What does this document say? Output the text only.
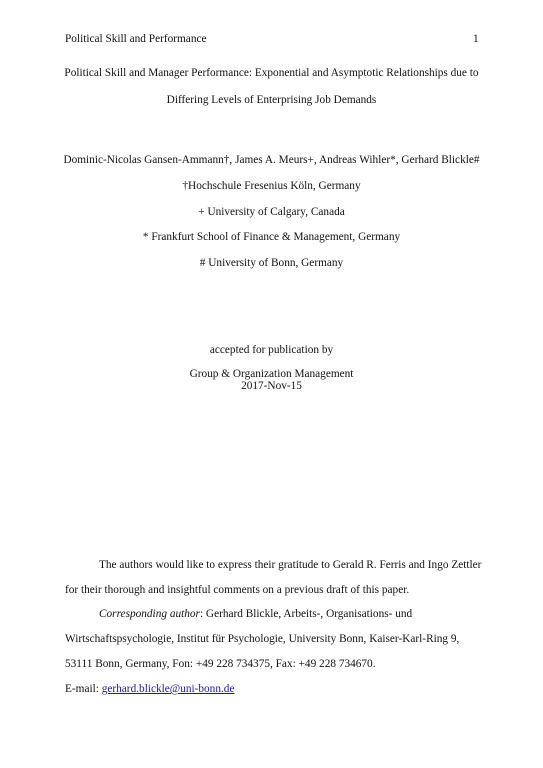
Political Skill and Performance	1
Political Skill and Manager Performance: Exponential and Asymptotic Relationships due to
Differing Levels of Enterprising Job Demands
Dominic-Nicolas Gansen-Ammann†, James A. Meurs+, Andreas Wihler*, Gerhard Blickle#
†Hochschule Fresenius Köln, Germany
+ University of Calgary, Canada
* Frankfurt School of Finance & Management, Germany
# University of Bonn, Germany
accepted for publication by
Group & Organization Management
2017-Nov-15
The authors would like to express their gratitude to Gerald R. Ferris and Ingo Zettler
for their thorough and insightful comments on a previous draft of this paper.
Corresponding author: Gerhard Blickle, Arbeits-, Organisations- und
Wirtschaftspsychologie, Institut für Psychologie, University Bonn, Kaiser-Karl-Ring 9,
53111 Bonn, Germany, Fon: +49 228 734375, Fax: +49 228 734670.
E-mail: gerhard.blickle@uni-bonn.de
